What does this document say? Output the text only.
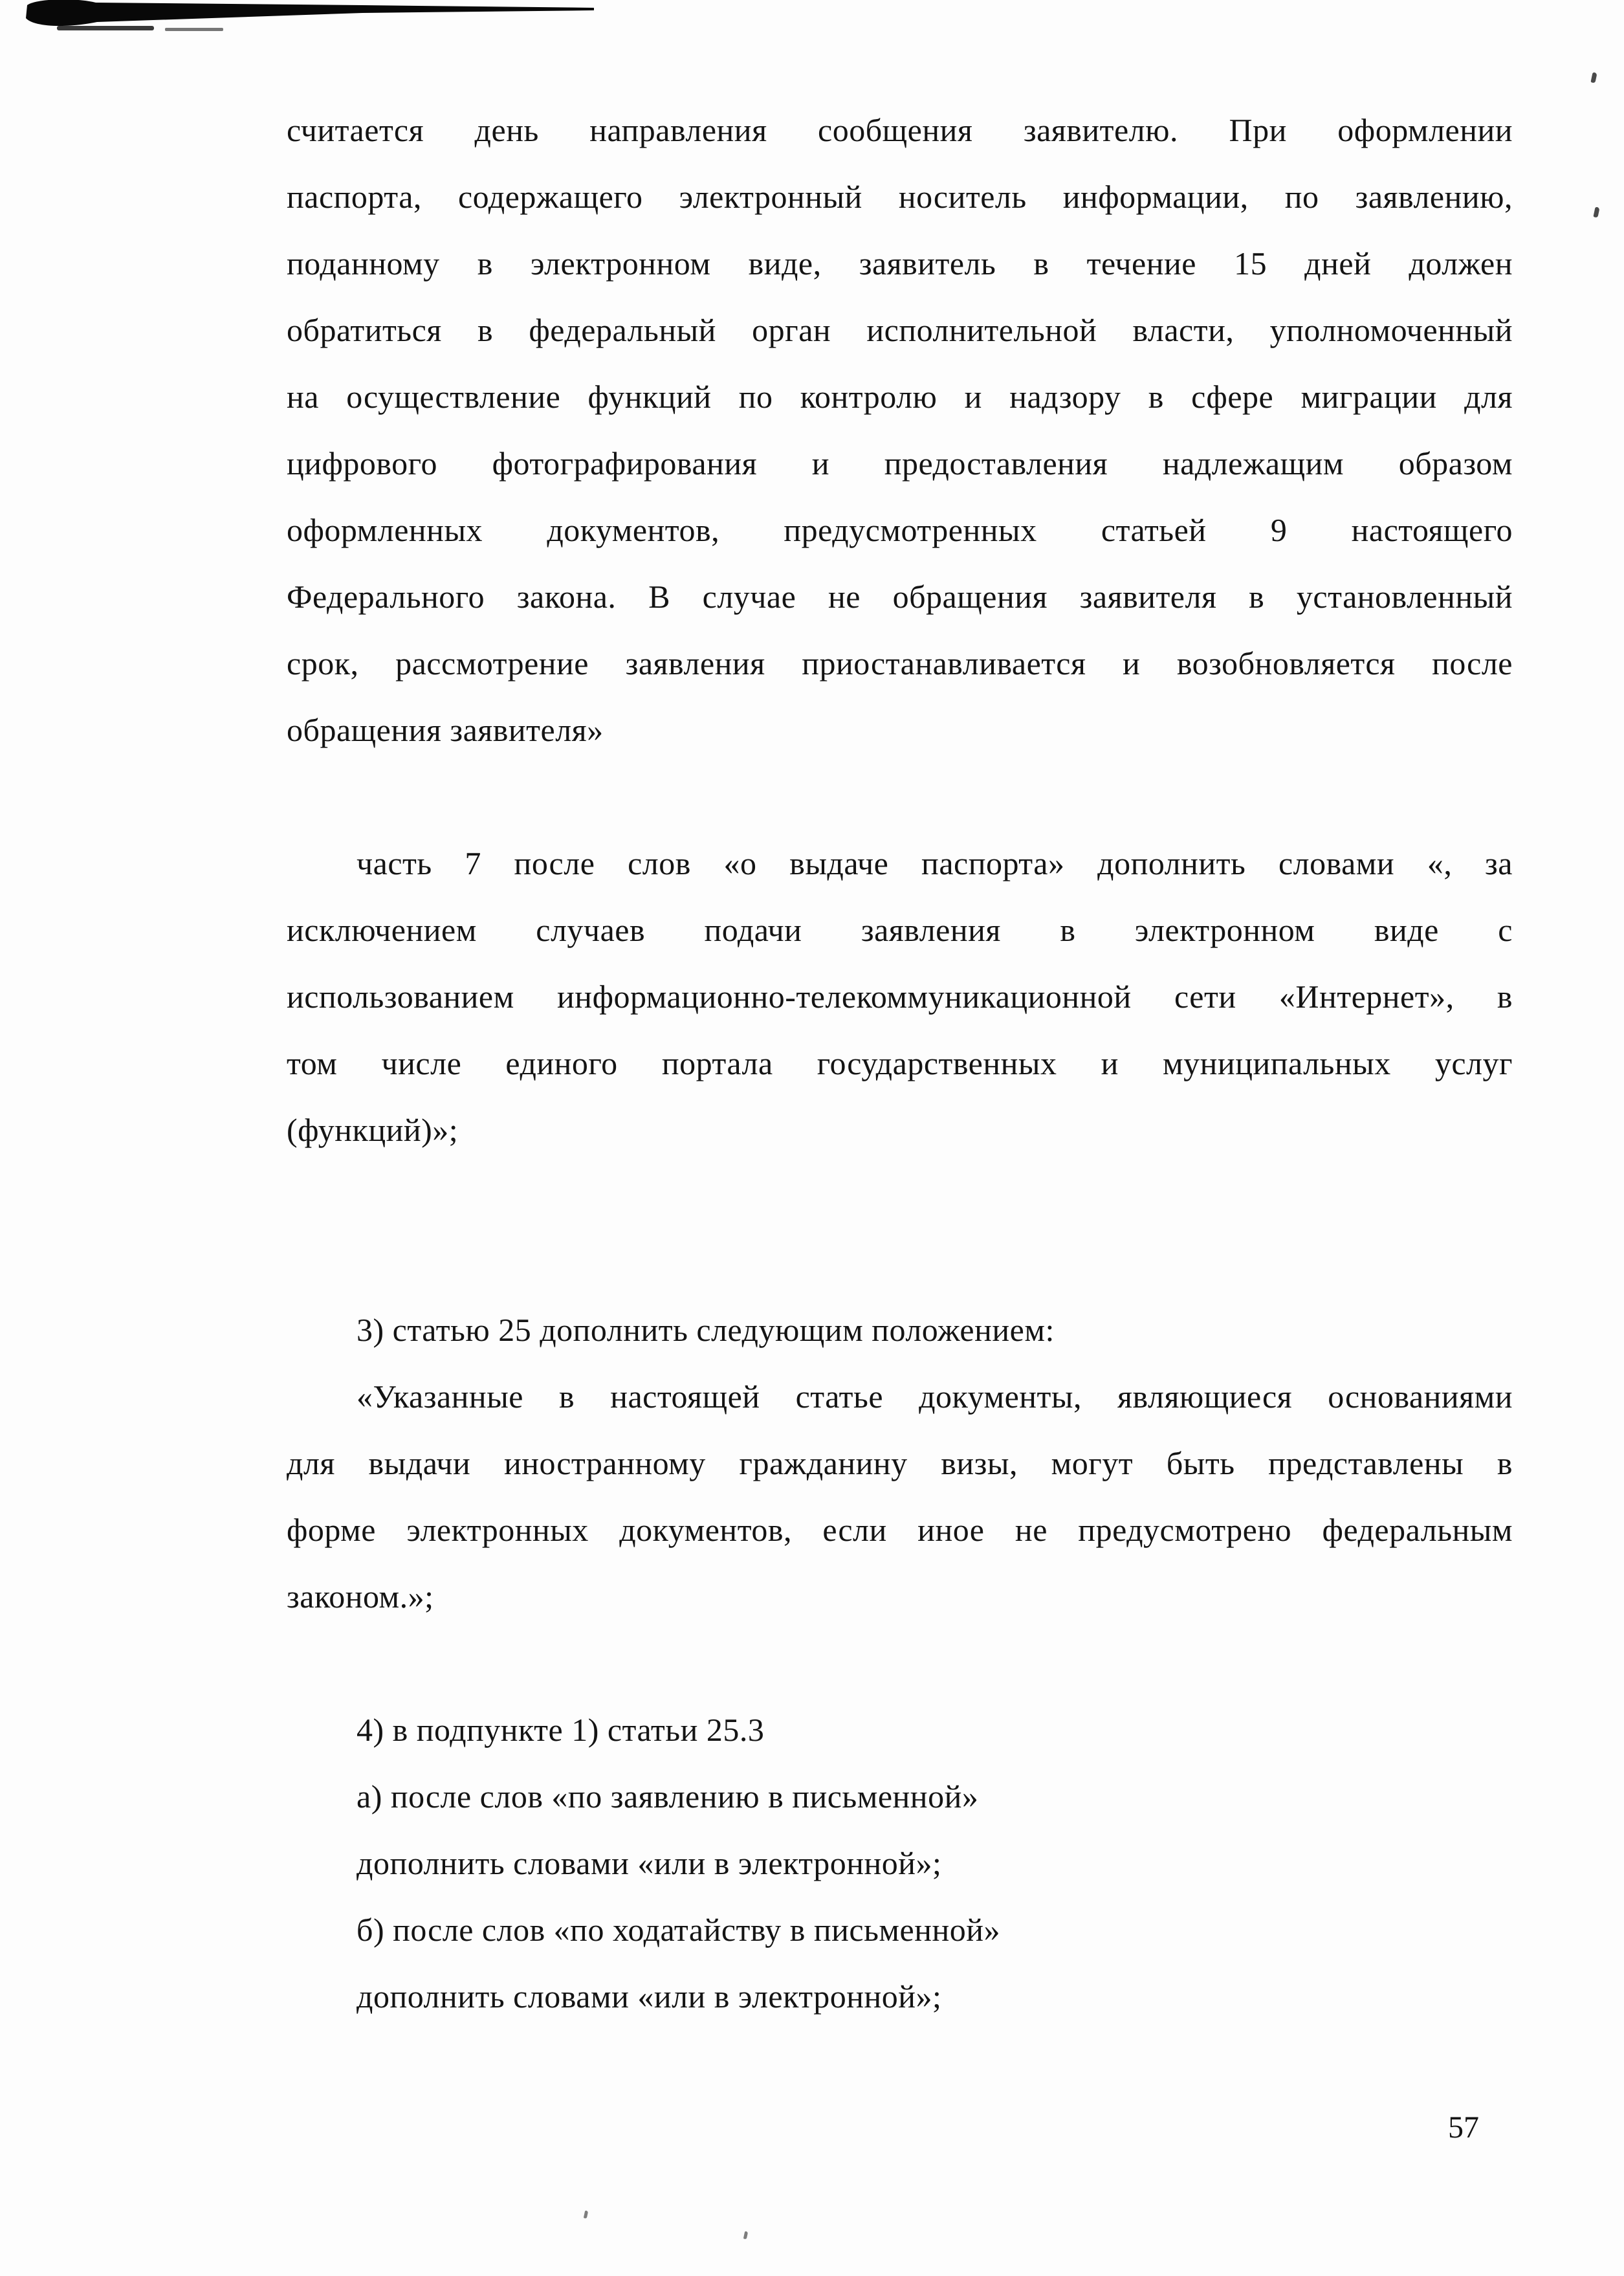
считается день направления сообщения заявителю. При оформлении
паспорта, содержащего электронный носитель информации, по заявлению,
поданному в электронном виде, заявитель в течение 15 дней должен
обратиться в федеральный орган исполнительной власти, уполномоченный
на осуществление функций по контролю и надзору в сфере миграции для
цифрового фотографирования и предоставления надлежащим образом
оформленных документов, предусмотренных статьей 9 настоящего
Федерального закона. В случае не обращения заявителя в установленный
срок, рассмотрение заявления приостанавливается и возобновляется после
обращения заявителя»
часть 7 после слов «о выдаче паспорта» дополнить словами «, за
исключением случаев подачи заявления в электронном виде с
использованием информационно-телекоммуникационной сети «Интернет», в
том числе единого портала государственных и муниципальных услуг
(функций)»;
3) статью 25 дополнить следующим положением:
«Указанные в настоящей статье документы, являющиеся основаниями
для выдачи иностранному гражданину визы, могут быть представлены в
форме электронных документов, если иное не предусмотрено федеральным
законом.»;
4) в подпункте 1) статьи 25.3
а) после слов «по заявлению в письменной»
дополнить словами «или в электронной»;
б) после слов «по ходатайству в письменной»
дополнить словами «или в электронной»;
57
